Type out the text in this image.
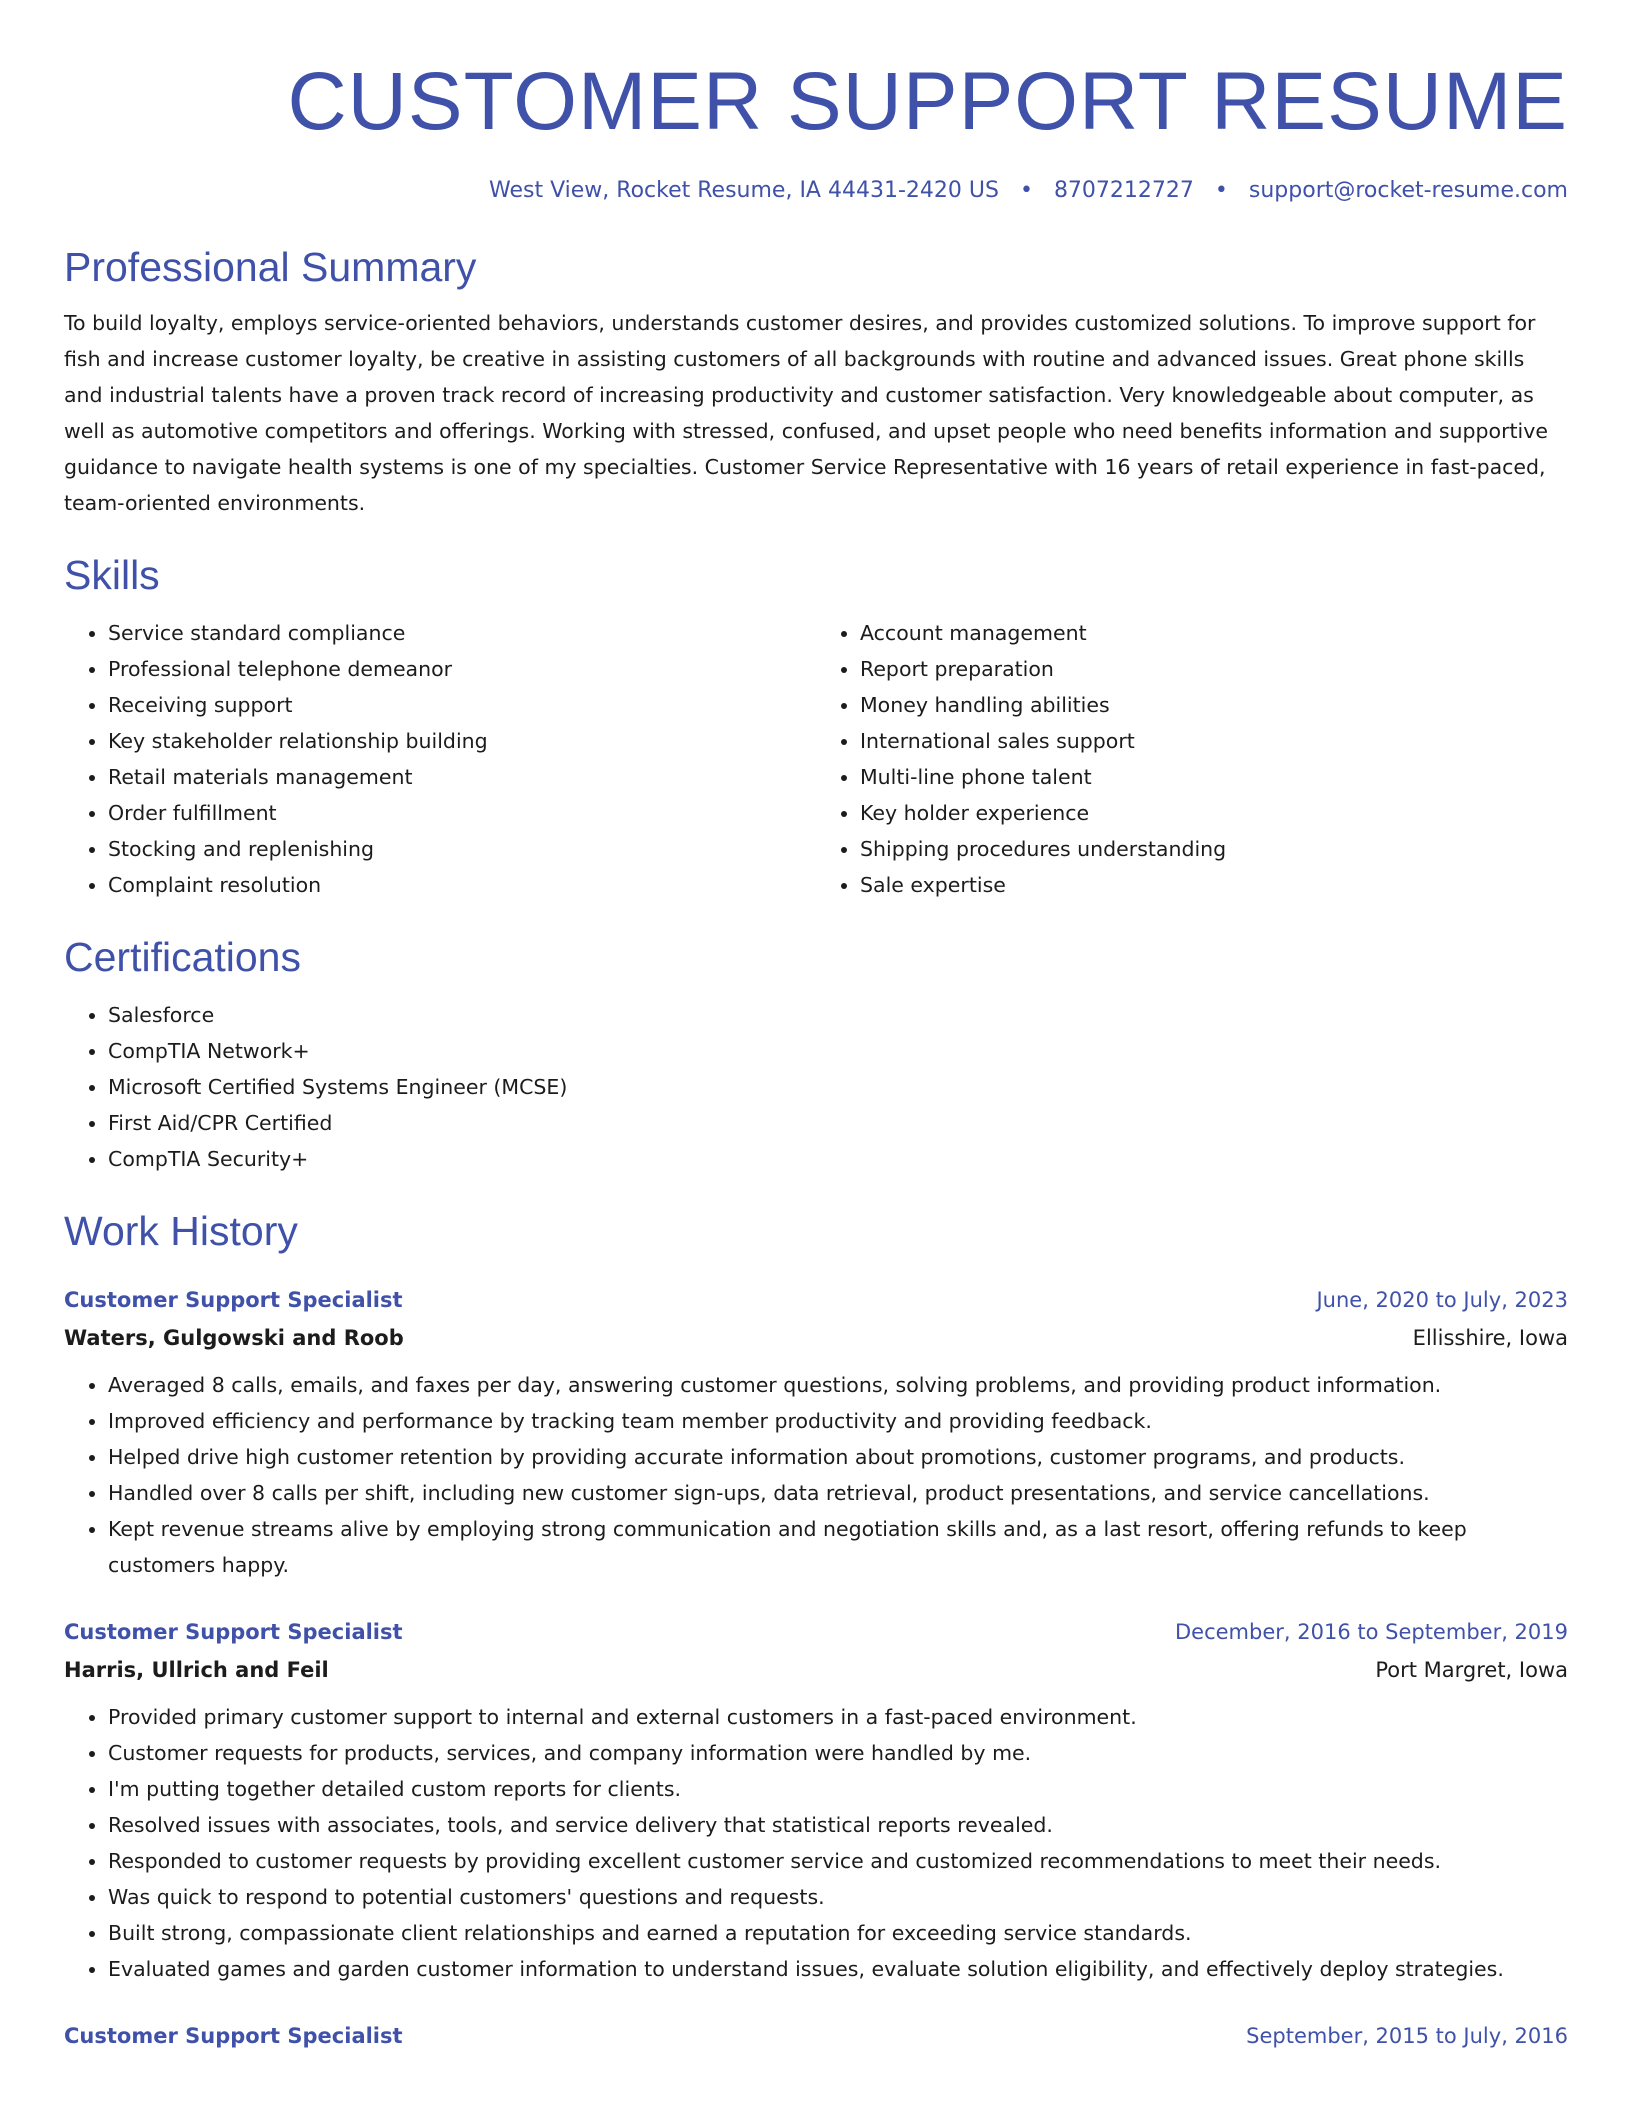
CUSTOMER SUPPORT RESUME
West View, Rocket Resume, IA 44431-2420 US • 8707212727 • support@rocket-resume.com
Professional Summary

To build loyalty, employs service-oriented behaviors, understands customer desires, and provides customized solutions. To improve support for fish and increase customer loyalty, be creative in assisting customers of all backgrounds with routine and advanced issues. Great phone skills and industrial talents have a proven track record of increasing productivity and customer satisfaction. Very knowledgeable about computer, as well as automotive competitors and offerings. Working with stressed, confused, and upset people who need benefits information and supportive guidance to navigate health systems is one of my specialties. Customer Service Representative with 16 years of retail experience in fast-paced, team-oriented environments.

Skills
• Service standard compliance
• Professional telephone demeanor
• Receiving support
• Key stakeholder relationship building
• Retail materials management
• Order fulfillment
• Stocking and replenishing
• Complaint resolution
• Account management
• Report preparation
• Money handling abilities
• International sales support
• Multi-line phone talent
• Key holder experience
• Shipping procedures understanding
• Sale expertise
Certifications
• Salesforce
• CompTIA Network+
• Microsoft Certified Systems Engineer (MCSE)
• First Aid/CPR Certified
• CompTIA Security+
Work History
Customer Support Specialist	June, 2020 to July, 2023
Waters, Gulgowski and Roob	Ellisshire, Iowa
• Averaged 8 calls, emails, and faxes per day, answering customer questions, solving problems, and providing product information.
• Improved efficiency and performance by tracking team member productivity and providing feedback.
• Helped drive high customer retention by providing accurate information about promotions, customer programs, and products.
• Handled over 8 calls per shift, including new customer sign-ups, data retrieval, product presentations, and service cancellations.
• Kept revenue streams alive by employing strong communication and negotiation skills and, as a last resort, offering refunds to keep customers happy.
Customer Support Specialist	December, 2016 to September, 2019
Harris, Ullrich and Feil	Port Margret, Iowa
• Provided primary customer support to internal and external customers in a fast-paced environment.
• Customer requests for products, services, and company information were handled by me.
• I'm putting together detailed custom reports for clients.
• Resolved issues with associates, tools, and service delivery that statistical reports revealed.
• Responded to customer requests by providing excellent customer service and customized recommendations to meet their needs.
• Was quick to respond to potential customers' questions and requests.
• Built strong, compassionate client relationships and earned a reputation for exceeding service standards.
• Evaluated games and garden customer information to understand issues, evaluate solution eligibility, and effectively deploy strategies.
Customer Support Specialist	September, 2015 to July, 2016
